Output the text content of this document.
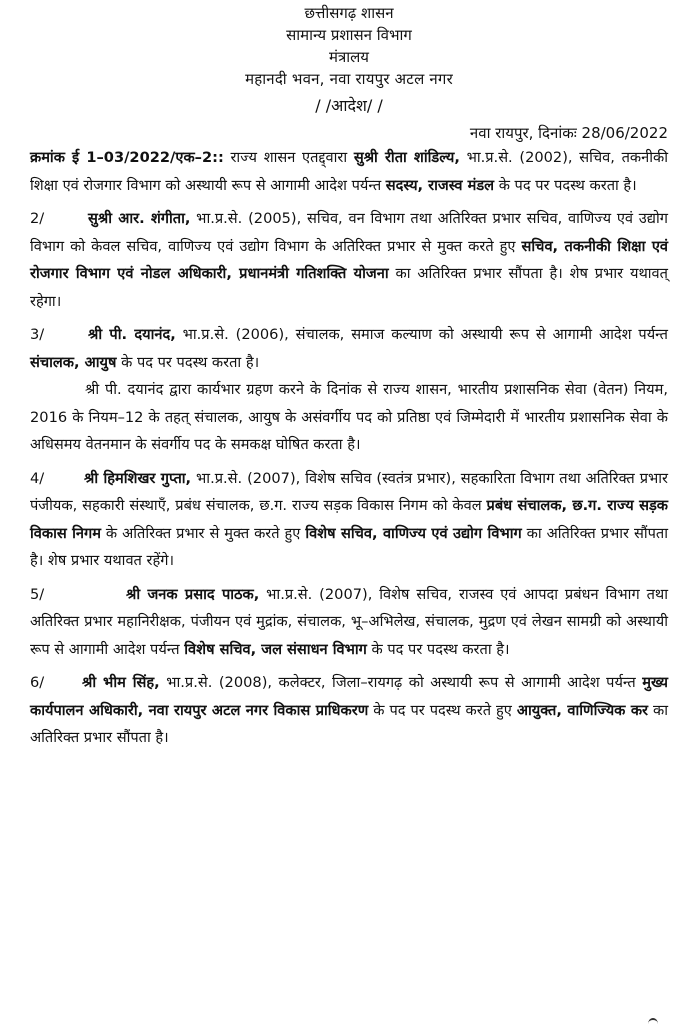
छत्तीसगढ़ शासन
सामान्य प्रशासन विभाग
मंत्रालय
महानदी भवन, नवा रायपुर अटल नगर
/ /आदेश/ /
नवा रायपुर, दिनांकः 28/06/2022

क्रमांक ई 1–03/2022/एक–2:: राज्य शासन एतद्द्वारा सुश्री रीता शांडिल्य, भा.प्र.से. (2002), सचिव, तकनीकी शिक्षा एवं रोजगार विभाग को अस्थायी रूप से आगामी आदेश पर्यन्त सदस्य, राजस्व मंडल के पद पर पदस्थ करता है।

2/	सुश्री आर. शंगीता, भा.प्र.से. (2005), सचिव, वन विभाग तथा अतिरिक्त प्रभार सचिव, वाणिज्य एवं उद्योग विभाग को केवल सचिव, वाणिज्य एवं उद्योग विभाग के अतिरिक्त प्रभार से मुक्त करते हुए सचिव, तकनीकी शिक्षा एवं रोजगार विभाग एवं नोडल अधिकारी, प्रधानमंत्री गतिशक्ति योजना का अतिरिक्त प्रभार सौंपता है। शेष प्रभार यथावत् रहेगा।

3/	श्री पी. दयानंद, भा.प्र.से. (2006), संचालक, समाज कल्याण को अस्थायी रूप से आगामी आदेश पर्यन्त संचालक, आयुष के पद पर पदस्थ करता है।

श्री पी. दयानंद द्वारा कार्यभार ग्रहण करने के दिनांक से राज्य शासन, भारतीय प्रशासनिक सेवा (वेतन) नियम, 2016 के नियम–12 के तहत् संचालक, आयुष के असंवर्गीय पद को प्रतिष्ठा एवं जिम्मेदारी में भारतीय प्रशासनिक सेवा के अधिसमय वेतनमान के संवर्गीय पद के समकक्ष घोषित करता है।

4/	श्री हिमशिखर गुप्ता, भा.प्र.से. (2007), विशेष सचिव (स्वतंत्र प्रभार), सहकारिता विभाग तथा अतिरिक्त प्रभार पंजीयक, सहकारी संस्थाएँ, प्रबंध संचालक, छ.ग. राज्य सड़क विकास निगम को केवल प्रबंध संचालक, छ.ग. राज्य सड़क विकास निगम के अतिरिक्त प्रभार से मुक्त करते हुए विशेष सचिव, वाणिज्य एवं उद्योग विभाग का अतिरिक्त प्रभार सौंपता है। शेष प्रभार यथावत रहेंगे।

5/	श्री जनक प्रसाद पाठक, भा.प्र.से. (2007), विशेष सचिव, राजस्व एवं आपदा प्रबंधन विभाग तथा अतिरिक्त प्रभार महानिरीक्षक, पंजीयन एवं मुद्रांक, संचालक, भू–अभिलेख, संचालक, मुद्रण एवं लेखन सामग्री को अस्थायी रूप से आगामी आदेश पर्यन्त विशेष सचिव, जल संसाधन विभाग के पद पर पदस्थ करता है।

6/	श्री भीम सिंह, भा.प्र.से. (2008), कलेक्टर, जिला–रायगढ़ को अस्थायी रूप से आगामी आदेश पर्यन्त मुख्य कार्यपालन अधिकारी, नवा रायपुर अटल नगर विकास प्राधिकरण के पद पर पदस्थ करते हुए आयुक्त, वाणिज्यिक कर का अतिरिक्त प्रभार सौंपता है।
